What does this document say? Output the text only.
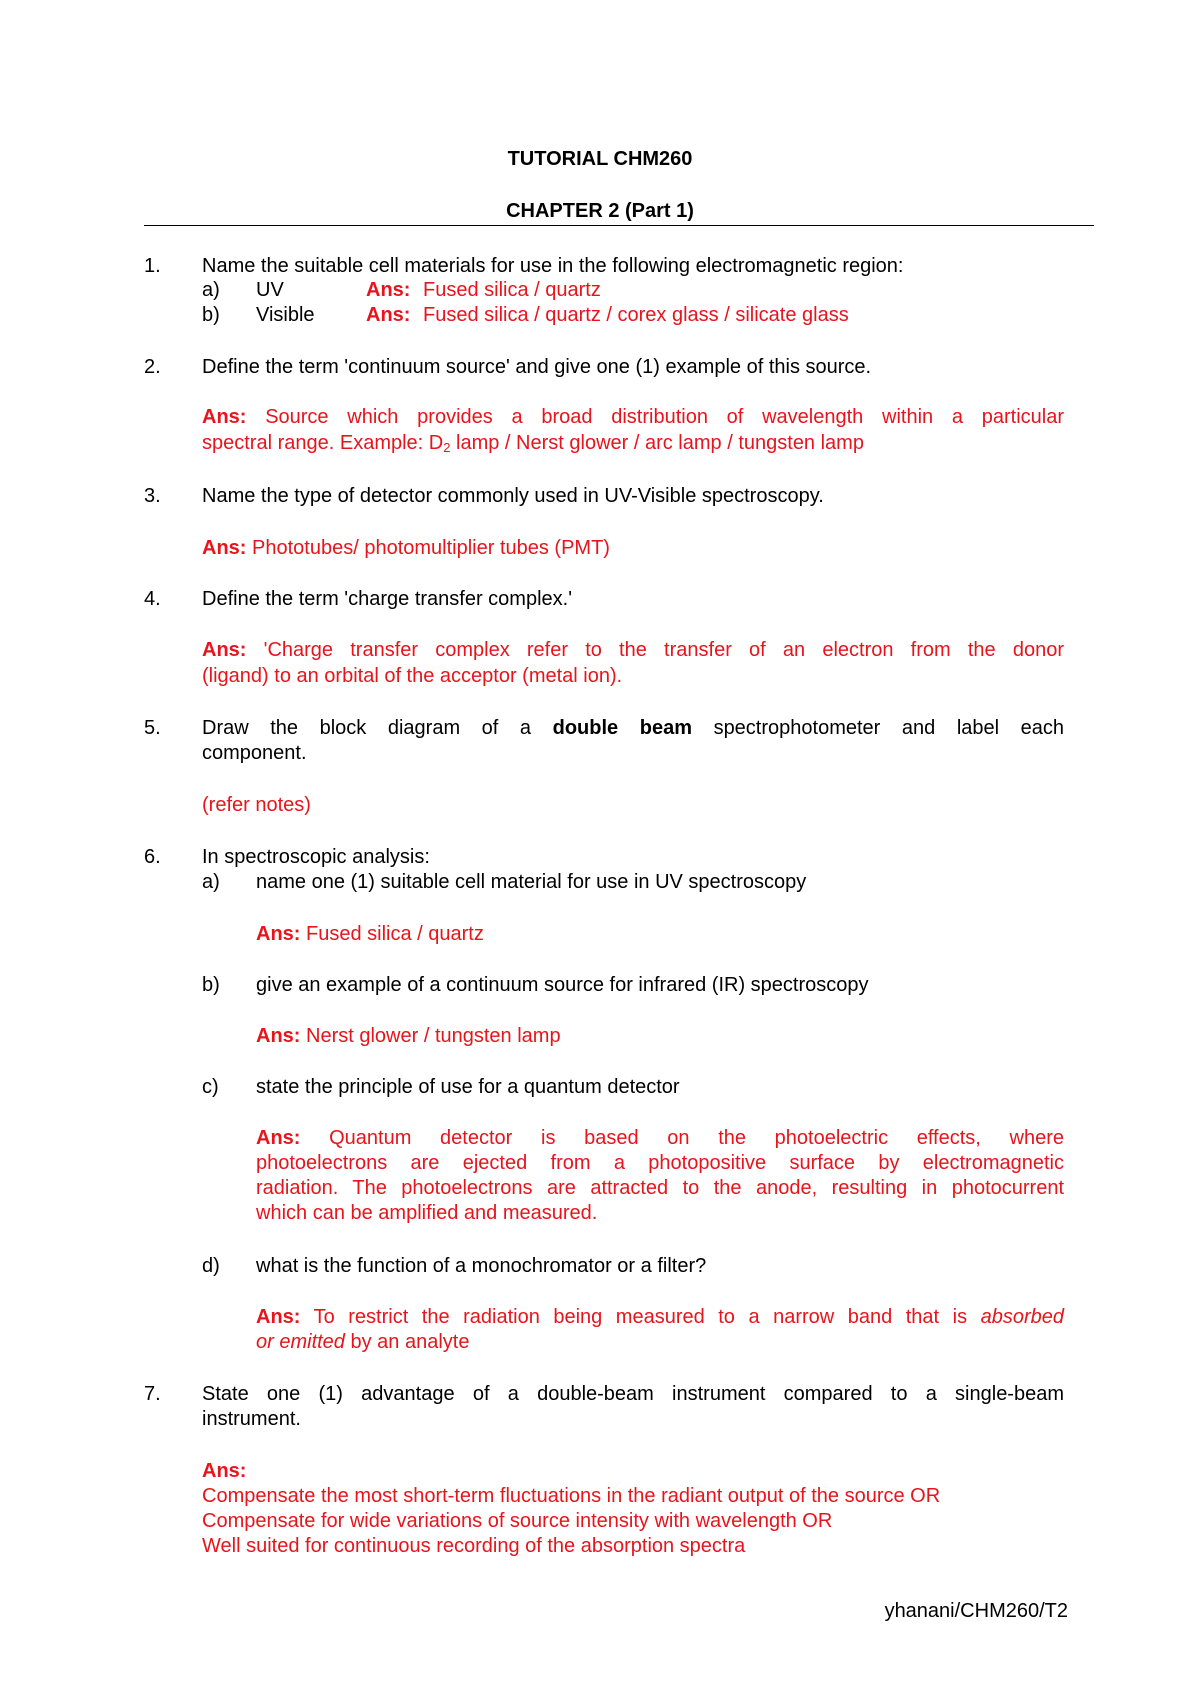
TUTORIAL CHM260
CHAPTER 2 (Part 1)
1. Name the suitable cell materials for use in the following electromagnetic region:
a) UV	Ans: Fused silica / quartz
b) Visible	Ans: Fused silica / quartz / corex glass / silicate glass
2. Define the term 'continuum source' and give one (1) example of this source.
Ans: Source which provides a broad distribution of wavelength within a particular
spectral range. Example: $D_2$ lamp / Nerst glower / arc lamp / tungsten lamp
3. Name the type of detector commonly used in UV-Visible spectroscopy.
Ans: Phototubes/ photomultiplier tubes (PMT)
4. Define the term 'charge transfer complex.'
Ans: 'Charge transfer complex refer to the transfer of an electron from the donor
(ligand) to an orbital of the acceptor (metal ion).
5. Draw the block diagram of a double beam spectrophotometer and label each
component.
(refer notes)
6. In spectroscopic analysis:
a) name one (1) suitable cell material for use in UV spectroscopy
Ans: Fused silica / quartz
b) give an example of a continuum source for infrared (IR) spectroscopy
Ans: Nerst glower / tungsten lamp
c) state the principle of use for a quantum detector
Ans: Quantum detector is based on the photoelectric effects, where
photoelectrons are ejected from a photopositive surface by electromagnetic
radiation. The photoelectrons are attracted to the anode, resulting in photocurrent
which can be amplified and measured.
d) what is the function of a monochromator or a filter?
Ans: To restrict the radiation being measured to a narrow band that is absorbed
or emitted by an analyte
7. State one (1) advantage of a double-beam instrument compared to a single-beam
instrument.
Ans:
Compensate the most short-term fluctuations in the radiant output of the source OR
Compensate for wide variations of source intensity with wavelength OR
Well suited for continuous recording of the absorption spectra
yhanani/CHM260/T2
